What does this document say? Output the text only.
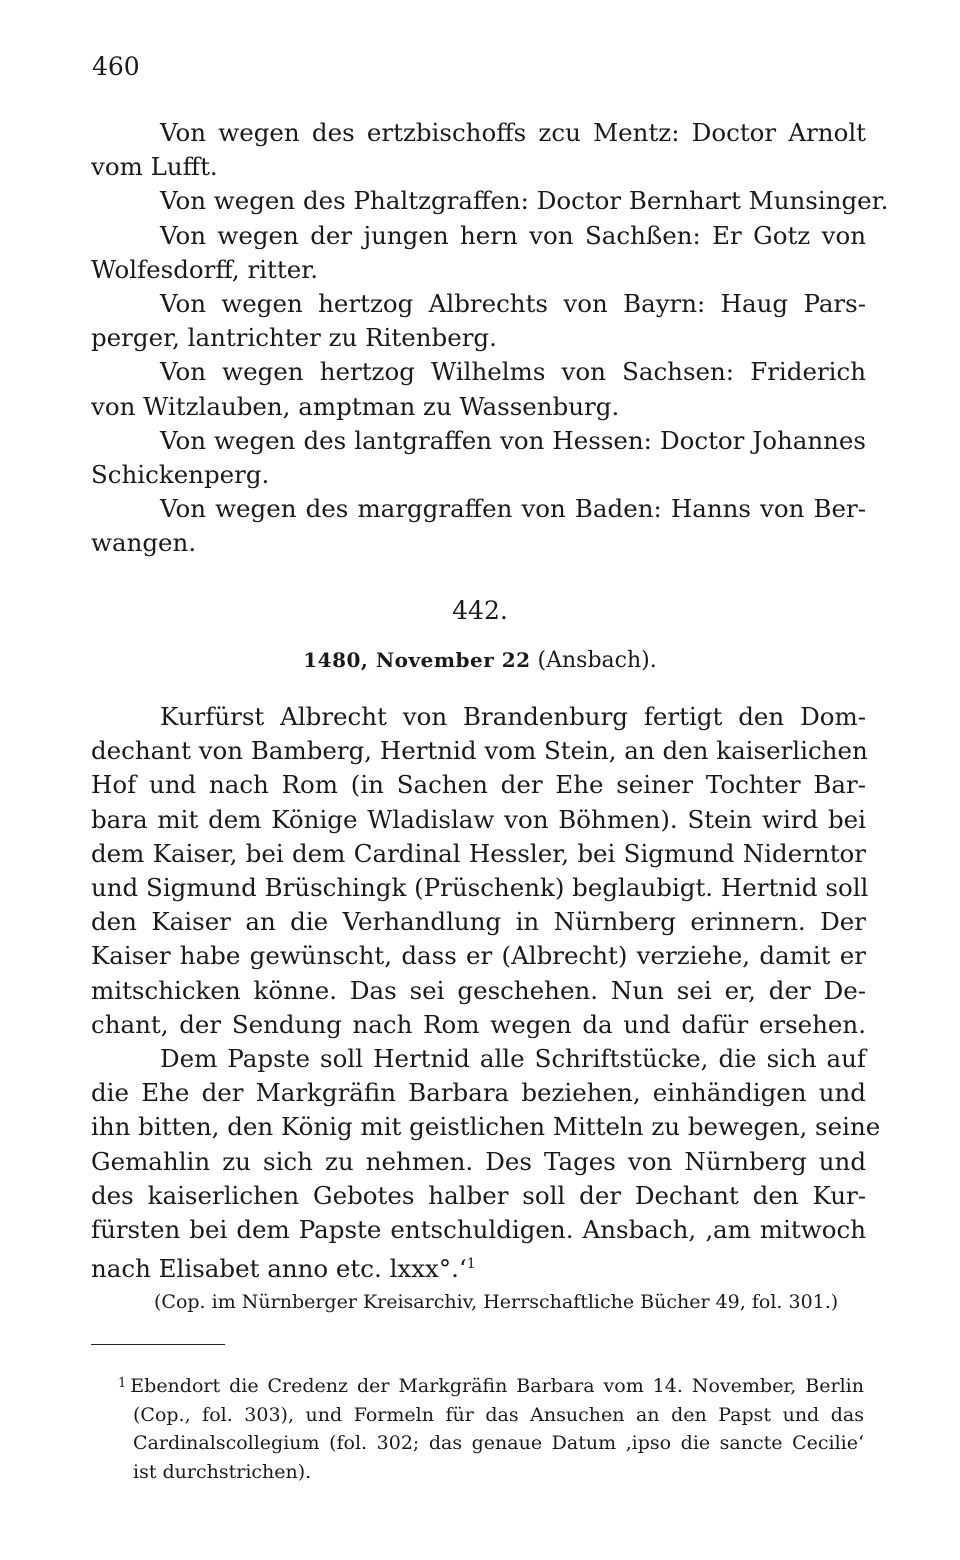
460

Von wegen des ertzbischoffs zcu Mentz: Doctor Arnolt
vom Lufft.
Von wegen des Phaltzgraffen: Doctor Bernhart Munsinger.
Von wegen der jungen hern von Sachßen: Er Gotz von
Wolfesdorff, ritter.
Von wegen hertzog Albrechts von Bayrn: Haug Pars-
perger, lantrichter zu Ritenberg.
Von wegen hertzog Wilhelms von Sachsen: Friderich
von Witzlauben, amptman zu Wassenburg.
Von wegen des lantgraffen von Hessen: Doctor Johannes
Schickenperg.
Von wegen des marggraffen von Baden: Hanns von Ber-
wangen.

442.

1480, November 22 (Ansbach).

Kurfürst Albrecht von Brandenburg fertigt den Dom-
dechant von Bamberg, Hertnid vom Stein, an den kaiserlichen
Hof und nach Rom (in Sachen der Ehe seiner Tochter Bar-
bara mit dem Könige Wladislaw von Böhmen). Stein wird bei
dem Kaiser, bei dem Cardinal Hessler, bei Sigmund Niderntor
und Sigmund Brüschingk (Prüschenk) beglaubigt. Hertnid soll
den Kaiser an die Verhandlung in Nürnberg erinnern. Der
Kaiser habe gewünscht, dass er (Albrecht) verziehe, damit er
mitschicken könne. Das sei geschehen. Nun sei er, der De-
chant, der Sendung nach Rom wegen da und dafür ersehen.
Dem Papste soll Hertnid alle Schriftstücke, die sich auf
die Ehe der Markgräfin Barbara beziehen, einhändigen und
ihn bitten, den König mit geistlichen Mitteln zu bewegen, seine
Gemahlin zu sich zu nehmen. Des Tages von Nürnberg und
des kaiserlichen Gebotes halber soll der Dechant den Kur-
fürsten bei dem Papste entschuldigen. Ansbach, ‚am mitwoch
nach Elisabet anno etc. lxxx°.‘$^1$

(Cop. im Nürnberger Kreisarchiv, Herrschaftliche Bücher 49, fol. 301.)

$^1$ Ebendort die Credenz der Markgräfin Barbara vom 14. November, Berlin
(Cop., fol. 303), und Formeln für das Ansuchen an den Papst und das
Cardinalscollegium (fol. 302; das genaue Datum ‚ipso die sancte Cecilie‘
ist durchstrichen).
